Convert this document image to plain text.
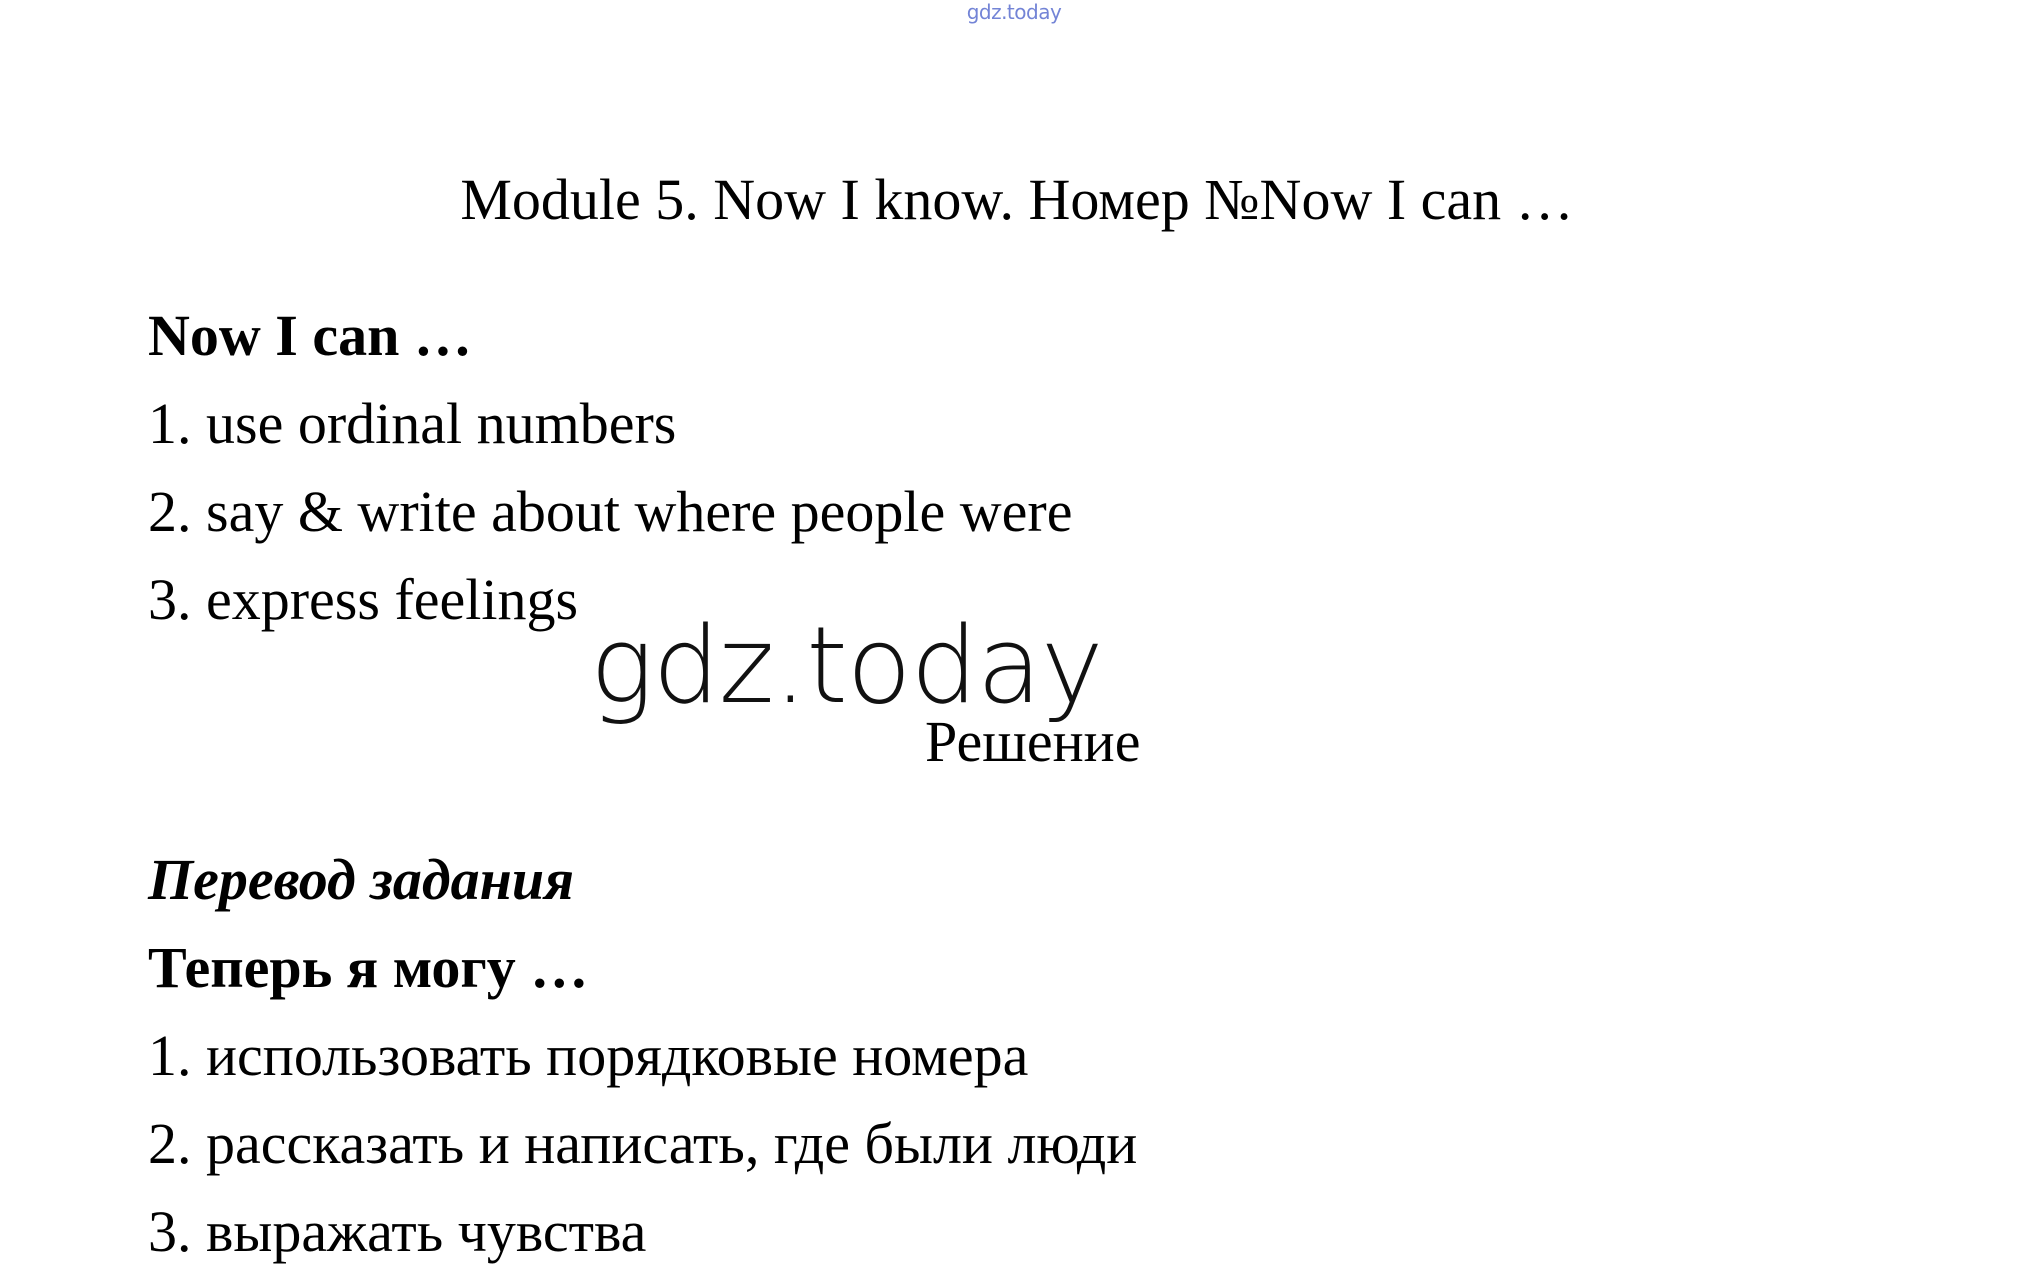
gdz.today
Module 5. Now I know. Номер №Now I can …
Now I can …
1. use ordinal numbers
2. say & write about where people were
3. express feelings
gdz.today
Решение
Перевод задания
Теперь я могу …
1. использовать порядковые номера
2. рассказать и написать, где были люди
3. выражать чувства
